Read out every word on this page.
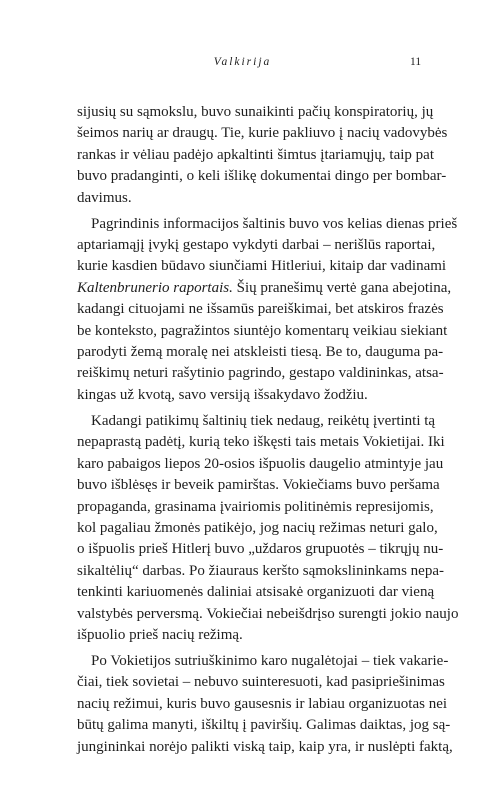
Valkirija	11
sijusių su sąmokslu, buvo sunaikinti pačių konspiratorių, jų
šeimos narių ar draugų. Tie, kurie pakliuvo į nacių vadovybės
rankas ir vėliau padėjo apkaltinti šimtus įtariamųjų, taip pat
buvo pradanginti, o keli išlikę dokumentai dingo per bombar-
davimus.
Pagrindinis informacijos šaltinis buvo vos kelias dienas prieš
aptariamąjį įvykį gestapo vykdyti darbai – nerišlūs raportai,
kurie kasdien būdavo siunčiami Hitleriui, kitaip dar vadinami
Kaltenbrunerio raportais. Šių pranešimų vertė gana abejotina,
kadangi cituojami ne išsamūs pareiškimai, bet atskiros frazės
be konteksto, pagražintos siuntėjo komentarų veikiau siekiant
parodyti žemą moralę nei atskleisti tiesą. Be to, dauguma pa-
reiškimų neturi rašytinio pagrindo, gestapo valdininkas, atsa-
kingas už kvotą, savo versiją išsakydavo žodžiu.
Kadangi patikimų šaltinių tiek nedaug, reikėtų įvertinti tą
nepaprastą padėtį, kurią teko iškęsti tais metais Vokietijai. Iki
karo pabaigos liepos 20-osios išpuolis daugelio atmintyje jau
buvo išblėsęs ir beveik pamirštas. Vokiečiams buvo peršama
propaganda, grasinama įvairiomis politinėmis represijomis,
kol pagaliau žmonės patikėjo, jog nacių režimas neturi galo,
o išpuolis prieš Hitlerį buvo „uždaros grupuotės – tikrųjų nu-
sikaltėlių“ darbas. Po žiauraus keršto sąmokslininkams nepa-
tenkinti kariuomenės daliniai atsisakė organizuoti dar vieną
valstybės perversmą. Vokiečiai nebeišdrįso surengti jokio naujo
išpuolio prieš nacių režimą.
Po Vokietijos sutriuškinimo karo nugalėtojai – tiek vakarie-
čiai, tiek sovietai – nebuvo suinteresuoti, kad pasipriešinimas
nacių režimui, kuris buvo gausesnis ir labiau organizuotas nei
būtų galima manyti, iškiltų į paviršių. Galimas daiktas, jog są-
jungininkai norėjo palikti viską taip, kaip yra, ir nuslėpti faktą,
